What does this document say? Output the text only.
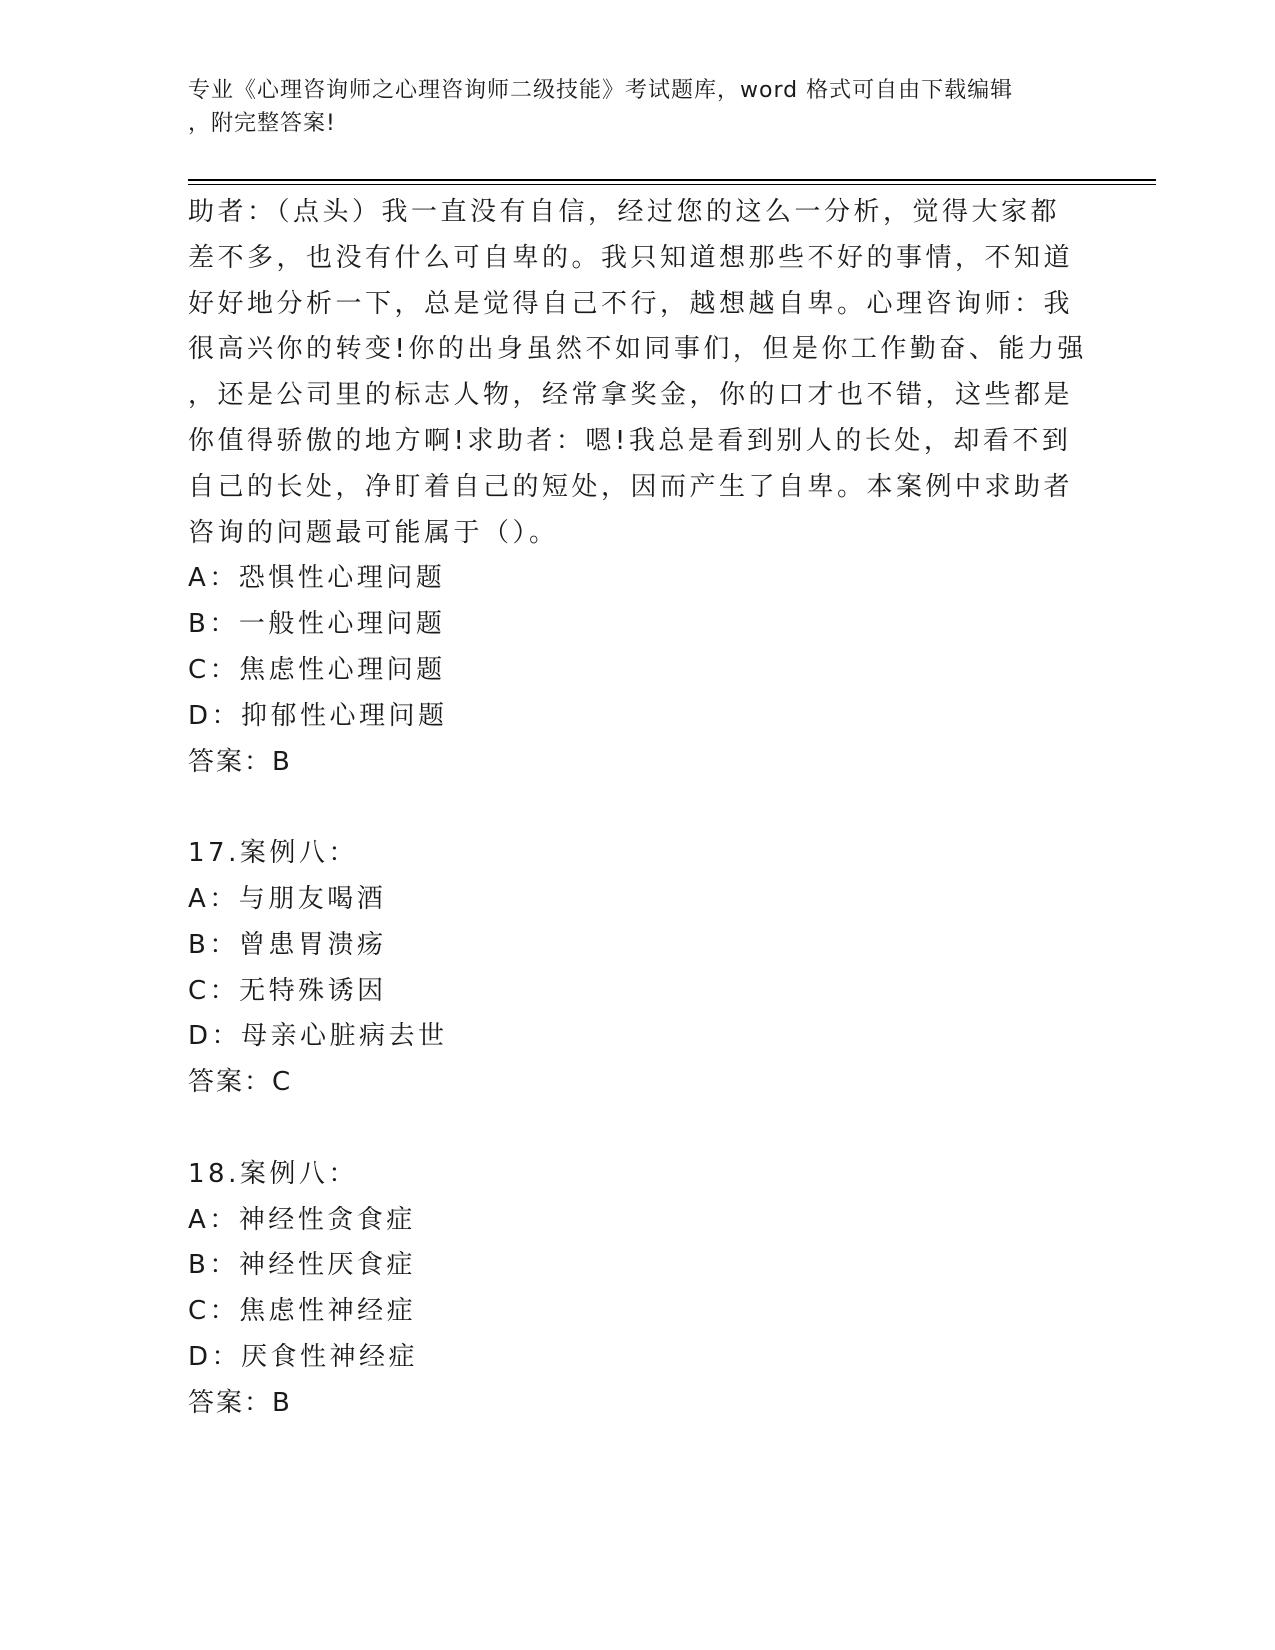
专业《心理咨询师之心理咨询师二级技能》考试题库，word 格式可自由下载编辑
，附完整答案!
助者：（点头）我一直没有自信，经过您的这么一分析，觉得大家都
差不多，也没有什么可自卑的。我只知道想那些不好的事情，不知道
好好地分析一下，总是觉得自己不行，越想越自卑。心理咨询师：我
很高兴你的转变!你的出身虽然不如同事们，但是你工作勤奋、能力强
，还是公司里的标志人物，经常拿奖金，你的口才也不错，这些都是
你值得骄傲的地方啊!求助者：嗯!我总是看到别人的长处，却看不到
自己的长处，净盯着自己的短处，因而产生了自卑。本案例中求助者
咨询的问题最可能属于（）。
A：恐惧性心理问题
B：一般性心理问题
C：焦虑性心理问题
D：抑郁性心理问题
答案：B
17.案例八：
A：与朋友喝酒
B：曾患胃溃疡
C：无特殊诱因
D：母亲心脏病去世
答案：C
18.案例八：
A：神经性贪食症
B：神经性厌食症
C：焦虑性神经症
D：厌食性神经症
答案：B
